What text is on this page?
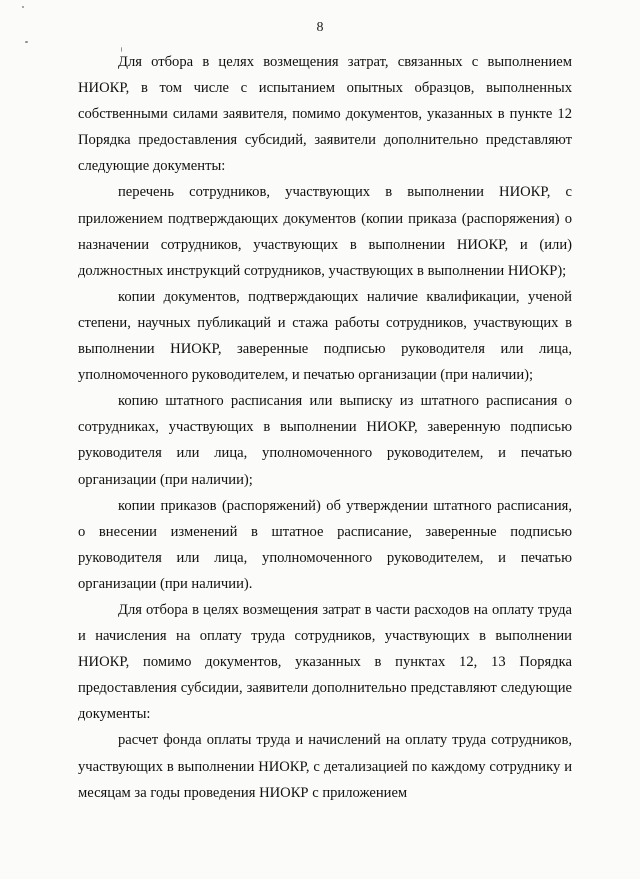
8

Для отбора в целях возмещения затрат, связанных с выполнением НИОКР, в том числе с испытанием опытных образцов, выполненных собственными силами заявителя, помимо документов, указанных в пункте 12 Порядка предоставления субсидий, заявители дополнительно представляют следующие документы:

перечень сотрудников, участвующих в выполнении НИОКР, с приложением подтверждающих документов (копии приказа (распоряжения) о назначении сотрудников, участвующих в выполнении НИОКР, и (или) должностных инструкций сотрудников, участвующих в выполнении НИОКР);

копии документов, подтверждающих наличие квалификации, ученой степени, научных публикаций и стажа работы сотрудников, участвующих в выполнении НИОКР, заверенные подписью руководителя или лица, уполномоченного руководителем, и печатью организации (при наличии);

копию штатного расписания или выписку из штатного расписания о сотрудниках, участвующих в выполнении НИОКР, заверенную подписью руководителя или лица, уполномоченного руководителем, и печатью организации (при наличии);

копии приказов (распоряжений) об утверждении штатного расписания, о внесении изменений в штатное расписание, заверенные подписью руководителя или лица, уполномоченного руководителем, и печатью организации (при наличии).

Для отбора в целях возмещения затрат в части расходов на оплату труда и начисления на оплату труда сотрудников, участвующих в выполнении НИОКР, помимо документов, указанных в пунктах 12, 13 Порядка предоставления субсидии, заявители дополнительно представляют следующие документы:

расчет фонда оплаты труда и начислений на оплату труда сотрудников, участвующих в выполнении НИОКР, с детализацией по каждому сотруднику и месяцам за годы проведения НИОКР с приложением
